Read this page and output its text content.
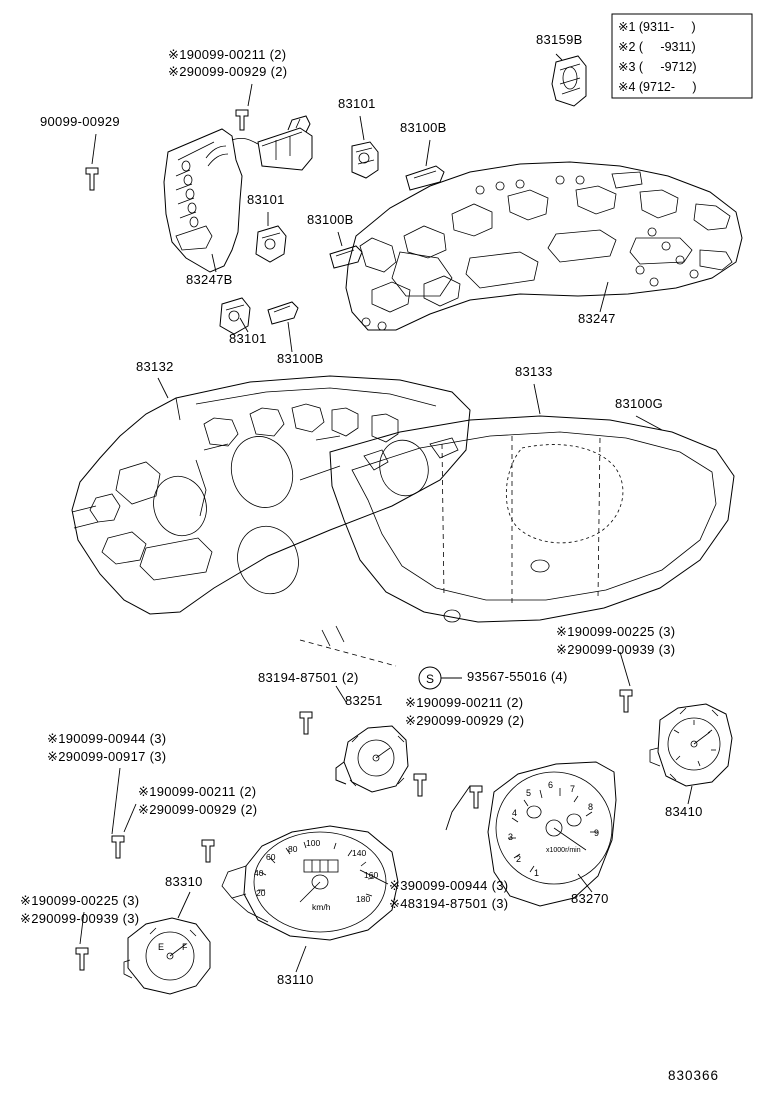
S
E F
80
100
60
40
20
140
160
180
km/h
5
6 7
8
9
4
3
2
1
x1000r/min
※1 (9311-     )
※2 (     -9311)
※3 (     -9712)
※4 (9712-     )
※190099-00211 (2)
※290099-00929 (2)
90099-00929
83101
83100B
83159B
83101
83100B
83247B
83101
83100B
83247
83132	83133
83100G
※190099-00225 (3)
※290099-00939 (3)
83194-87501 (2)	93567-55016 (4)
83251 ※190099-00211 (2)
※290099-00929 (2)
※190099-00944 (3)
※290099-00917 (3)
※190099-00211 (2)
※290099-00929 (2)	83410
83310
※190099-00225 (3)
※290099-00939 (3)
※390099-00944 (3)
※483194-87501 (3)	83270
83110
830366
